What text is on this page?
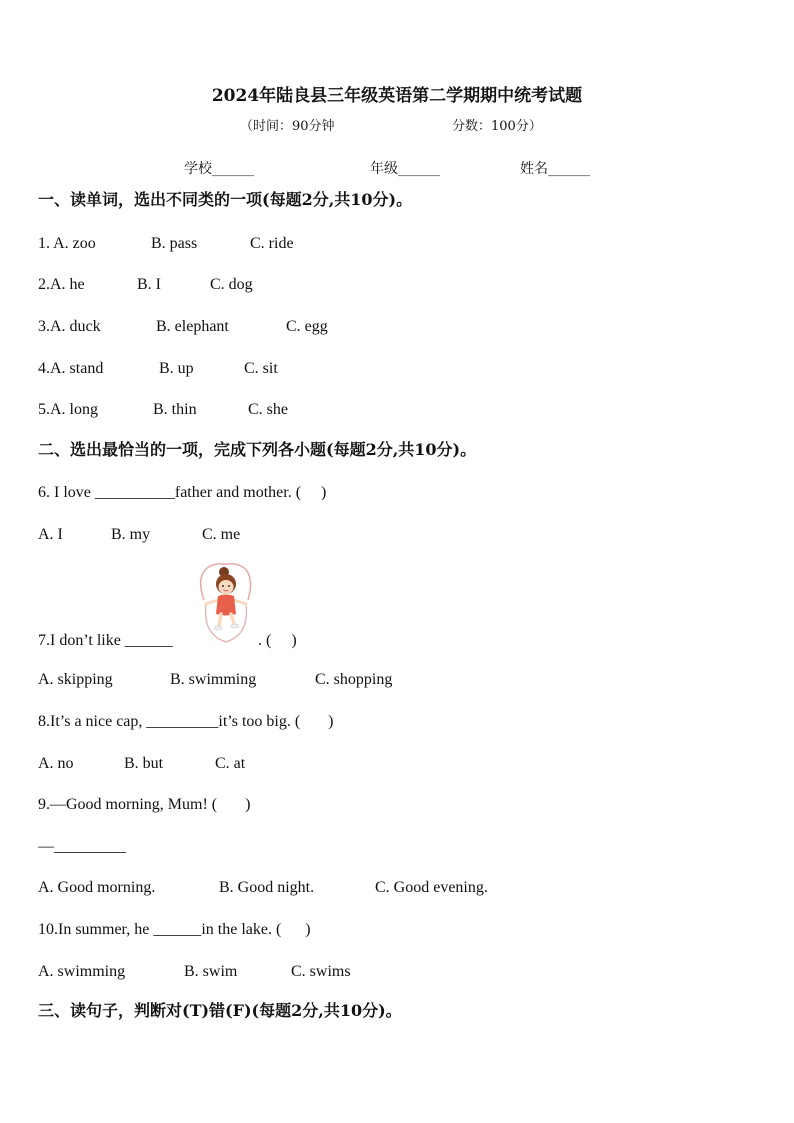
2024年陆良县三年级英语第二学期期中统考试题
（时间：90分钟	分数：100分）
学校______	年级______	姓名______
一、读单词，选出不同类的一项(每题2分,共10分)。
1. A. zoo	B. pass	C. ride
2.A. he	B. I	C. dog
3.A. duck	B. elephant	C. egg
4.A. stand	B. up	C. sit
5.A. long	B. thin	C. she
二、选出最恰当的一项，完成下列各小题(每题2分,共10分)。
6. I love __________father and mother. (     )
A. I	B. my	C. me
7.I don’t like ______	. (     )
A. skipping	B. swimming	C. shopping
8.It’s a nice cap, _________it’s too big. (       )
A. no	B. but	C. at
9.—Good morning, Mum! (       )
—_________
A. Good morning.	B. Good night.	C. Good evening.
10.In summer, he ______in the lake. (      )
A. swimming	B. swim	C. swims
三、读句子，判断对(T)错(F)(每题2分,共10分)。
